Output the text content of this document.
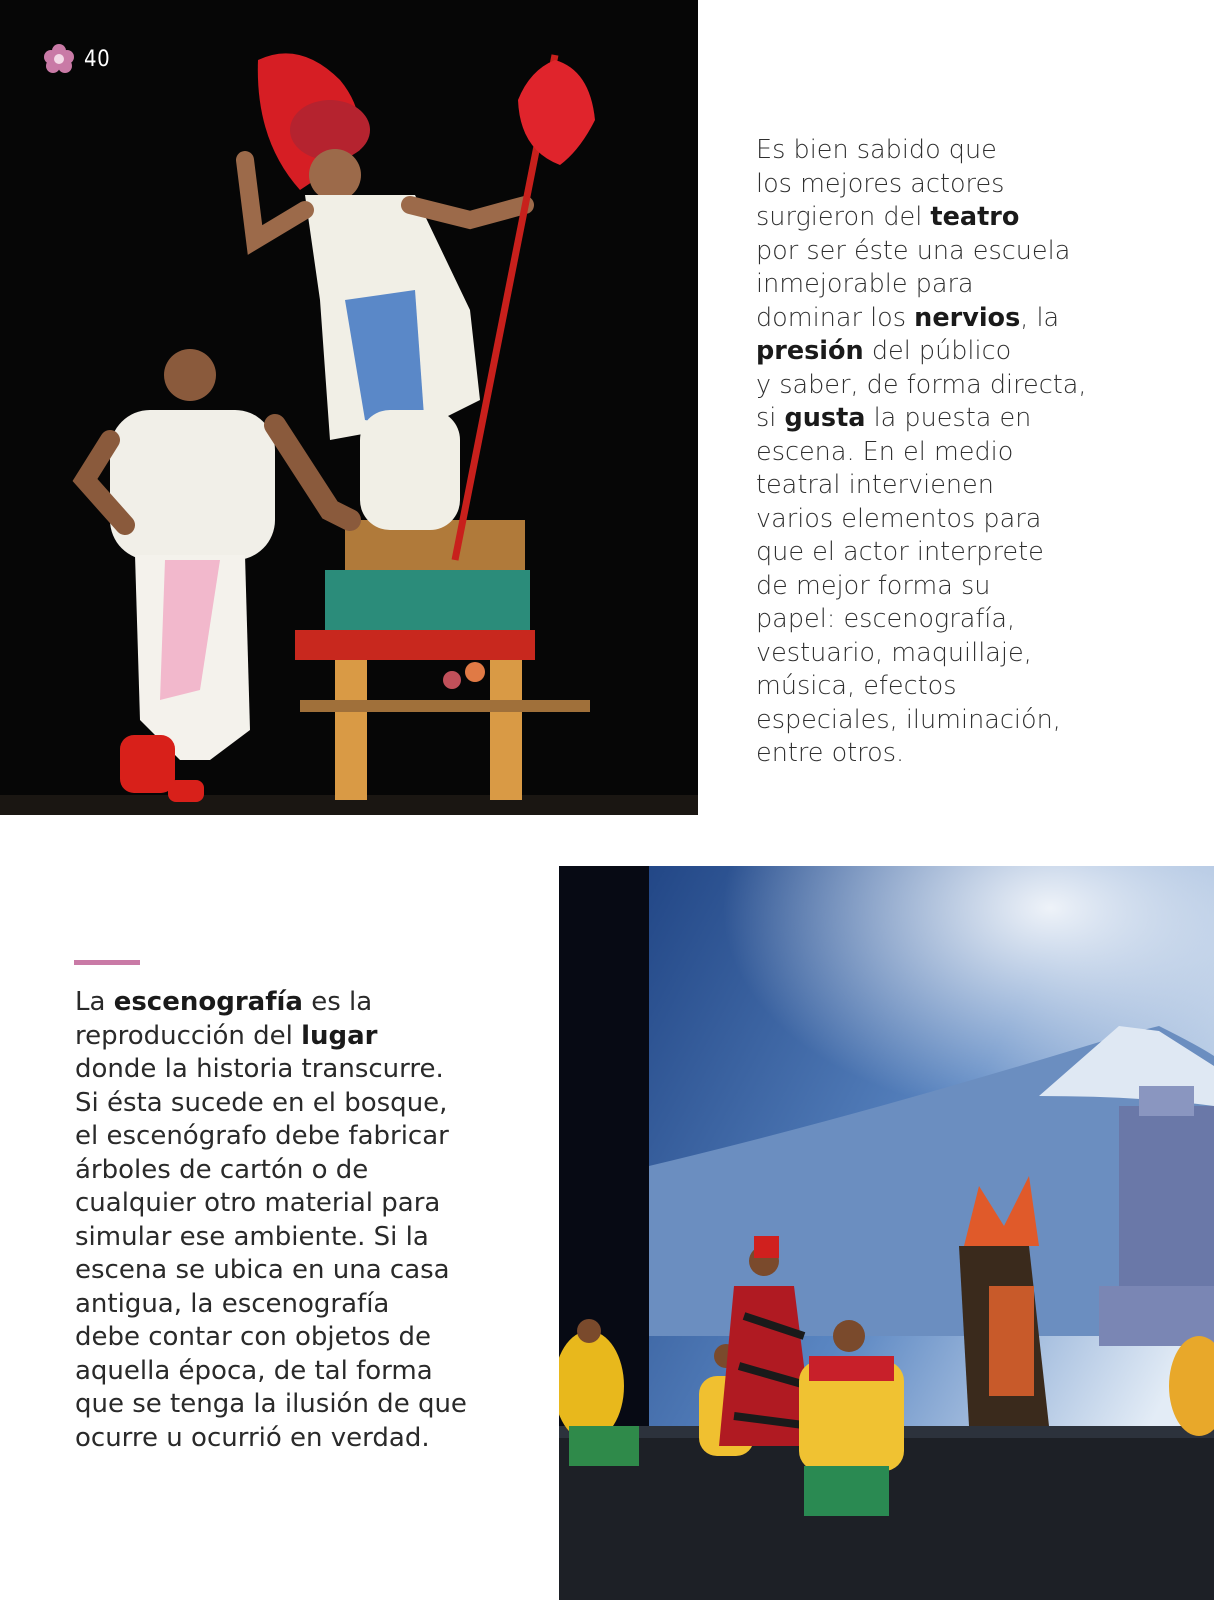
40
Es bien sabido que
los mejores actores
surgieron del teatro
por ser éste una escuela
inmejorable para
dominar los nervios, la
presión del público
y saber, de forma directa,
si gusta la puesta en
escena. En el medio
teatral intervienen
varios elementos para
que el actor interprete
de mejor forma su
papel: escenografía,
vestuario, maquillaje,
música, efectos
especiales, iluminación,
entre otros.
La escenografía es la
reproducción del lugar
donde la historia transcurre.
Si ésta sucede en el bosque,
el escenógrafo debe fabricar
árboles de cartón o de
cualquier otro material para
simular ese ambiente. Si la
escena se ubica en una casa
antigua, la escenografía
debe contar con objetos de
aquella época, de tal forma
que se tenga la ilusión de que
ocurre u ocurrió en verdad.
